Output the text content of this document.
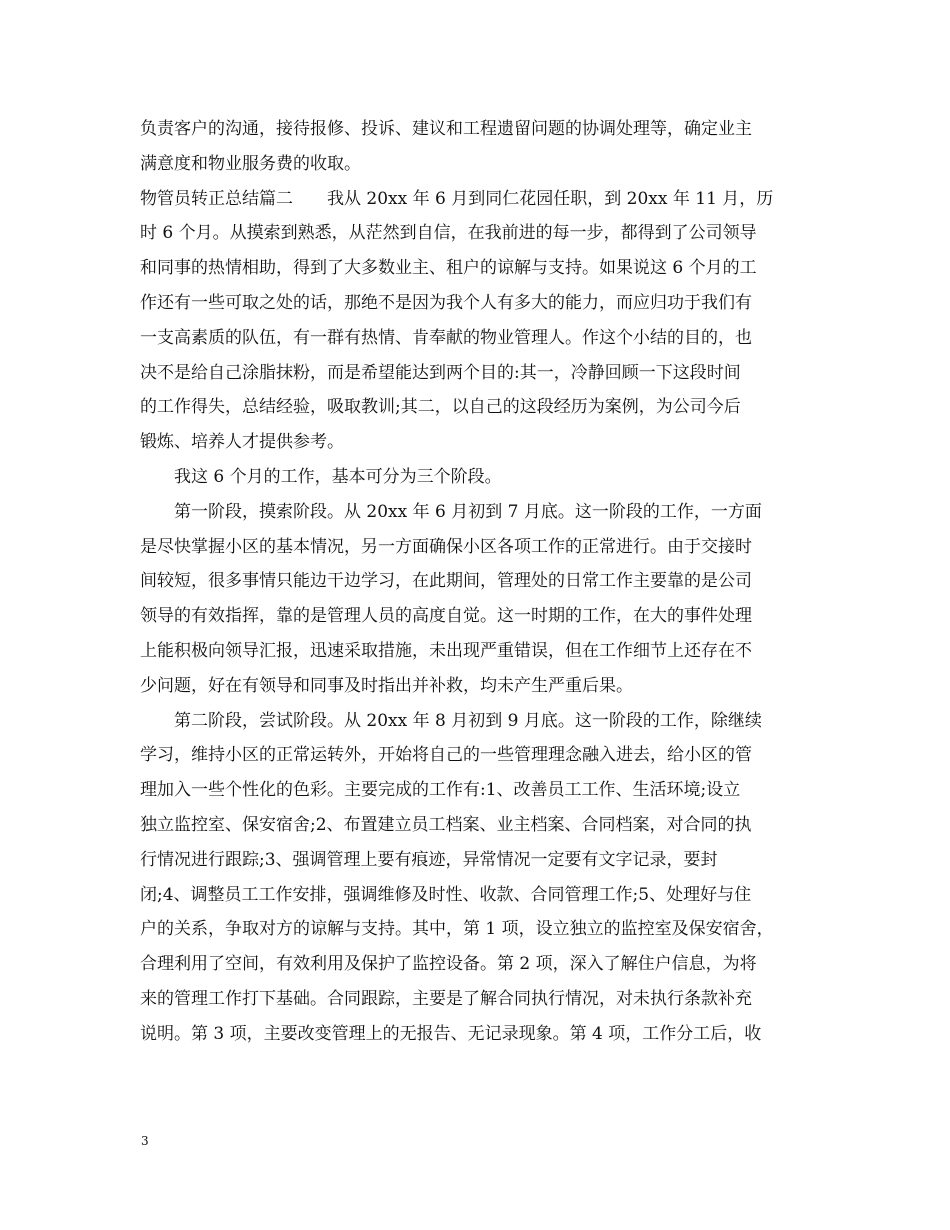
负责客户的沟通，接待报修、投诉、建议和工程遗留问题的协调处理等，确定业主
满意度和物业服务费的收取。
物管员转正总结篇二　　我从 20xx 年 6 月到同仁花园任职，到 20xx 年 11 月，历
时 6 个月。从摸索到熟悉，从茫然到自信，在我前进的每一步，都得到了公司领导
和同事的热情相助，得到了大多数业主、租户的谅解与支持。如果说这 6 个月的工
作还有一些可取之处的话，那绝不是因为我个人有多大的能力，而应归功于我们有
一支高素质的队伍，有一群有热情、肯奉献的物业管理人。作这个小结的目的，也
决不是给自己涂脂抹粉，而是希望能达到两个目的:其一，冷静回顾一下这段时间
的工作得失，总结经验，吸取教训;其二，以自己的这段经历为案例，为公司今后
锻炼、培养人才提供参考。
　　我这 6 个月的工作，基本可分为三个阶段。
　　第一阶段，摸索阶段。从 20xx 年 6 月初到 7 月底。这一阶段的工作，一方面
是尽快掌握小区的基本情况，另一方面确保小区各项工作的正常进行。由于交接时
间较短，很多事情只能边干边学习，在此期间，管理处的日常工作主要靠的是公司
领导的有效指挥，靠的是管理人员的高度自觉。这一时期的工作，在大的事件处理
上能积极向领导汇报，迅速采取措施，未出现严重错误，但在工作细节上还存在不
少问题，好在有领导和同事及时指出并补救，均未产生严重后果。
　　第二阶段，尝试阶段。从 20xx 年 8 月初到 9 月底。这一阶段的工作，除继续
学习，维持小区的正常运转外，开始将自己的一些管理理念融入进去，给小区的管
理加入一些个性化的色彩。主要完成的工作有:1、改善员工工作、生活环境;设立
独立监控室、保安宿舍;2、布置建立员工档案、业主档案、合同档案，对合同的执
行情况进行跟踪;3、强调管理上要有痕迹，异常情况一定要有文字记录，要封
闭;4、调整员工工作安排，强调维修及时性、收款、合同管理工作;5、处理好与住
户的关系，争取对方的谅解与支持。其中，第 1 项，设立独立的监控室及保安宿舍，
合理利用了空间，有效利用及保护了监控设备。第 2 项，深入了解住户信息，为将
来的管理工作打下基础。合同跟踪，主要是了解合同执行情况，对未执行条款补充
说明。第 3 项，主要改变管理上的无报告、无记录现象。第 4 项，工作分工后，收
3
